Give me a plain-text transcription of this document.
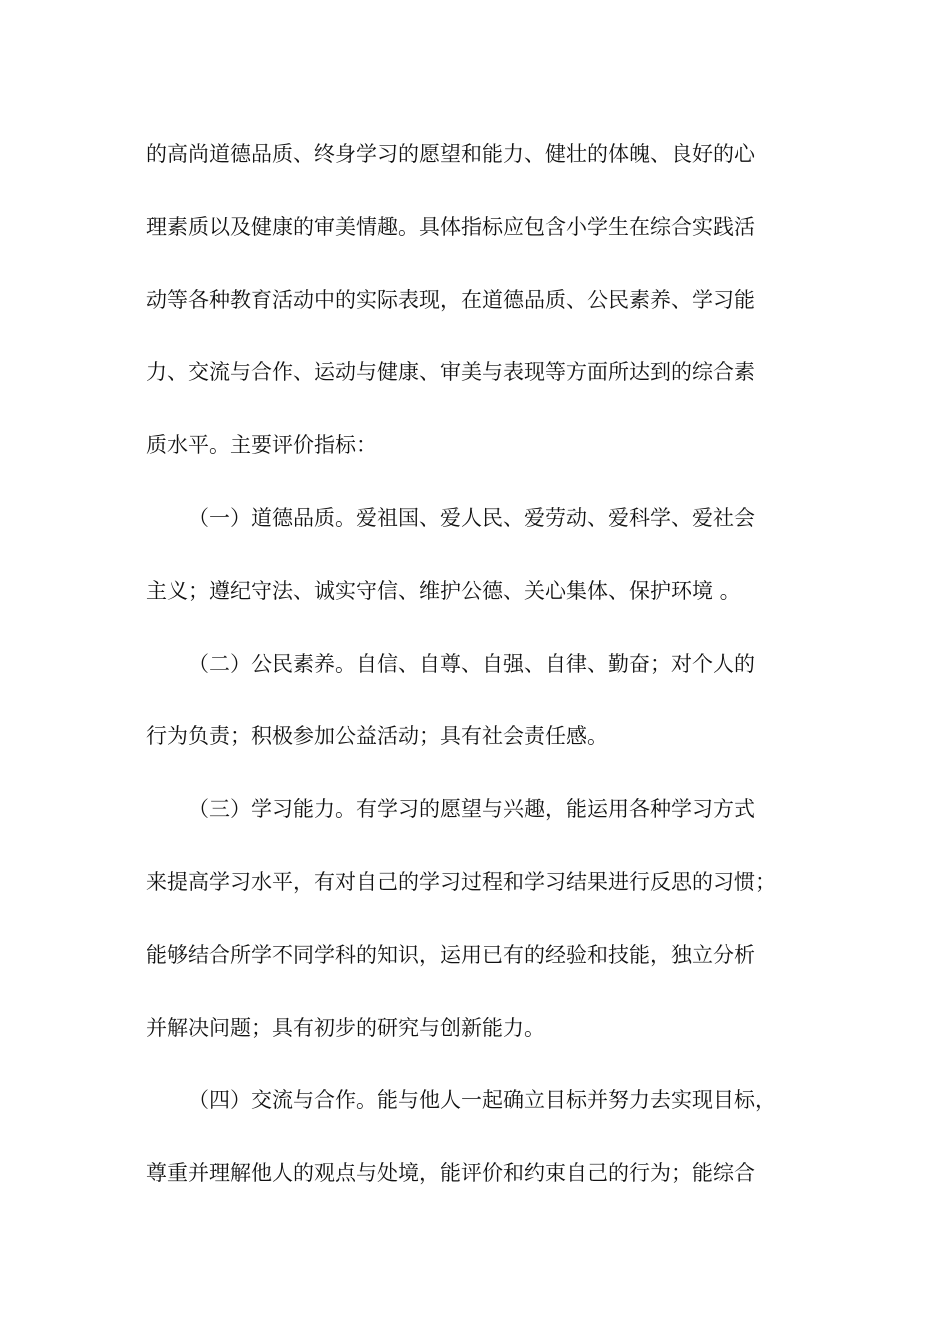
的高尚道德品质、终身学习的愿望和能力、健壮的体魄、良好的心
理素质以及健康的审美情趣。具体指标应包含小学生在综合实践活
动等各种教育活动中的实际表现，在道德品质、公民素养、学习能
力、交流与合作、运动与健康、审美与表现等方面所达到的综合素
质水平。主要评价指标：
（一）道德品质。爱祖国、爱人民、爱劳动、爱科学、爱社会
主义；遵纪守法、诚实守信、维护公德、关心集体、保护环境 。
（二）公民素养。自信、自尊、自强、自律、勤奋；对个人的
行为负责；积极参加公益活动；具有社会责任感。
（三）学习能力。有学习的愿望与兴趣，能运用各种学习方式
来提高学习水平，有对自己的学习过程和学习结果进行反思的习惯；
能够结合所学不同学科的知识，运用已有的经验和技能，独立分析
并解决问题；具有初步的研究与创新能力。
（四）交流与合作。能与他人一起确立目标并努力去实现目标，
尊重并理解他人的观点与处境，能评价和约束自己的行为；能综合
